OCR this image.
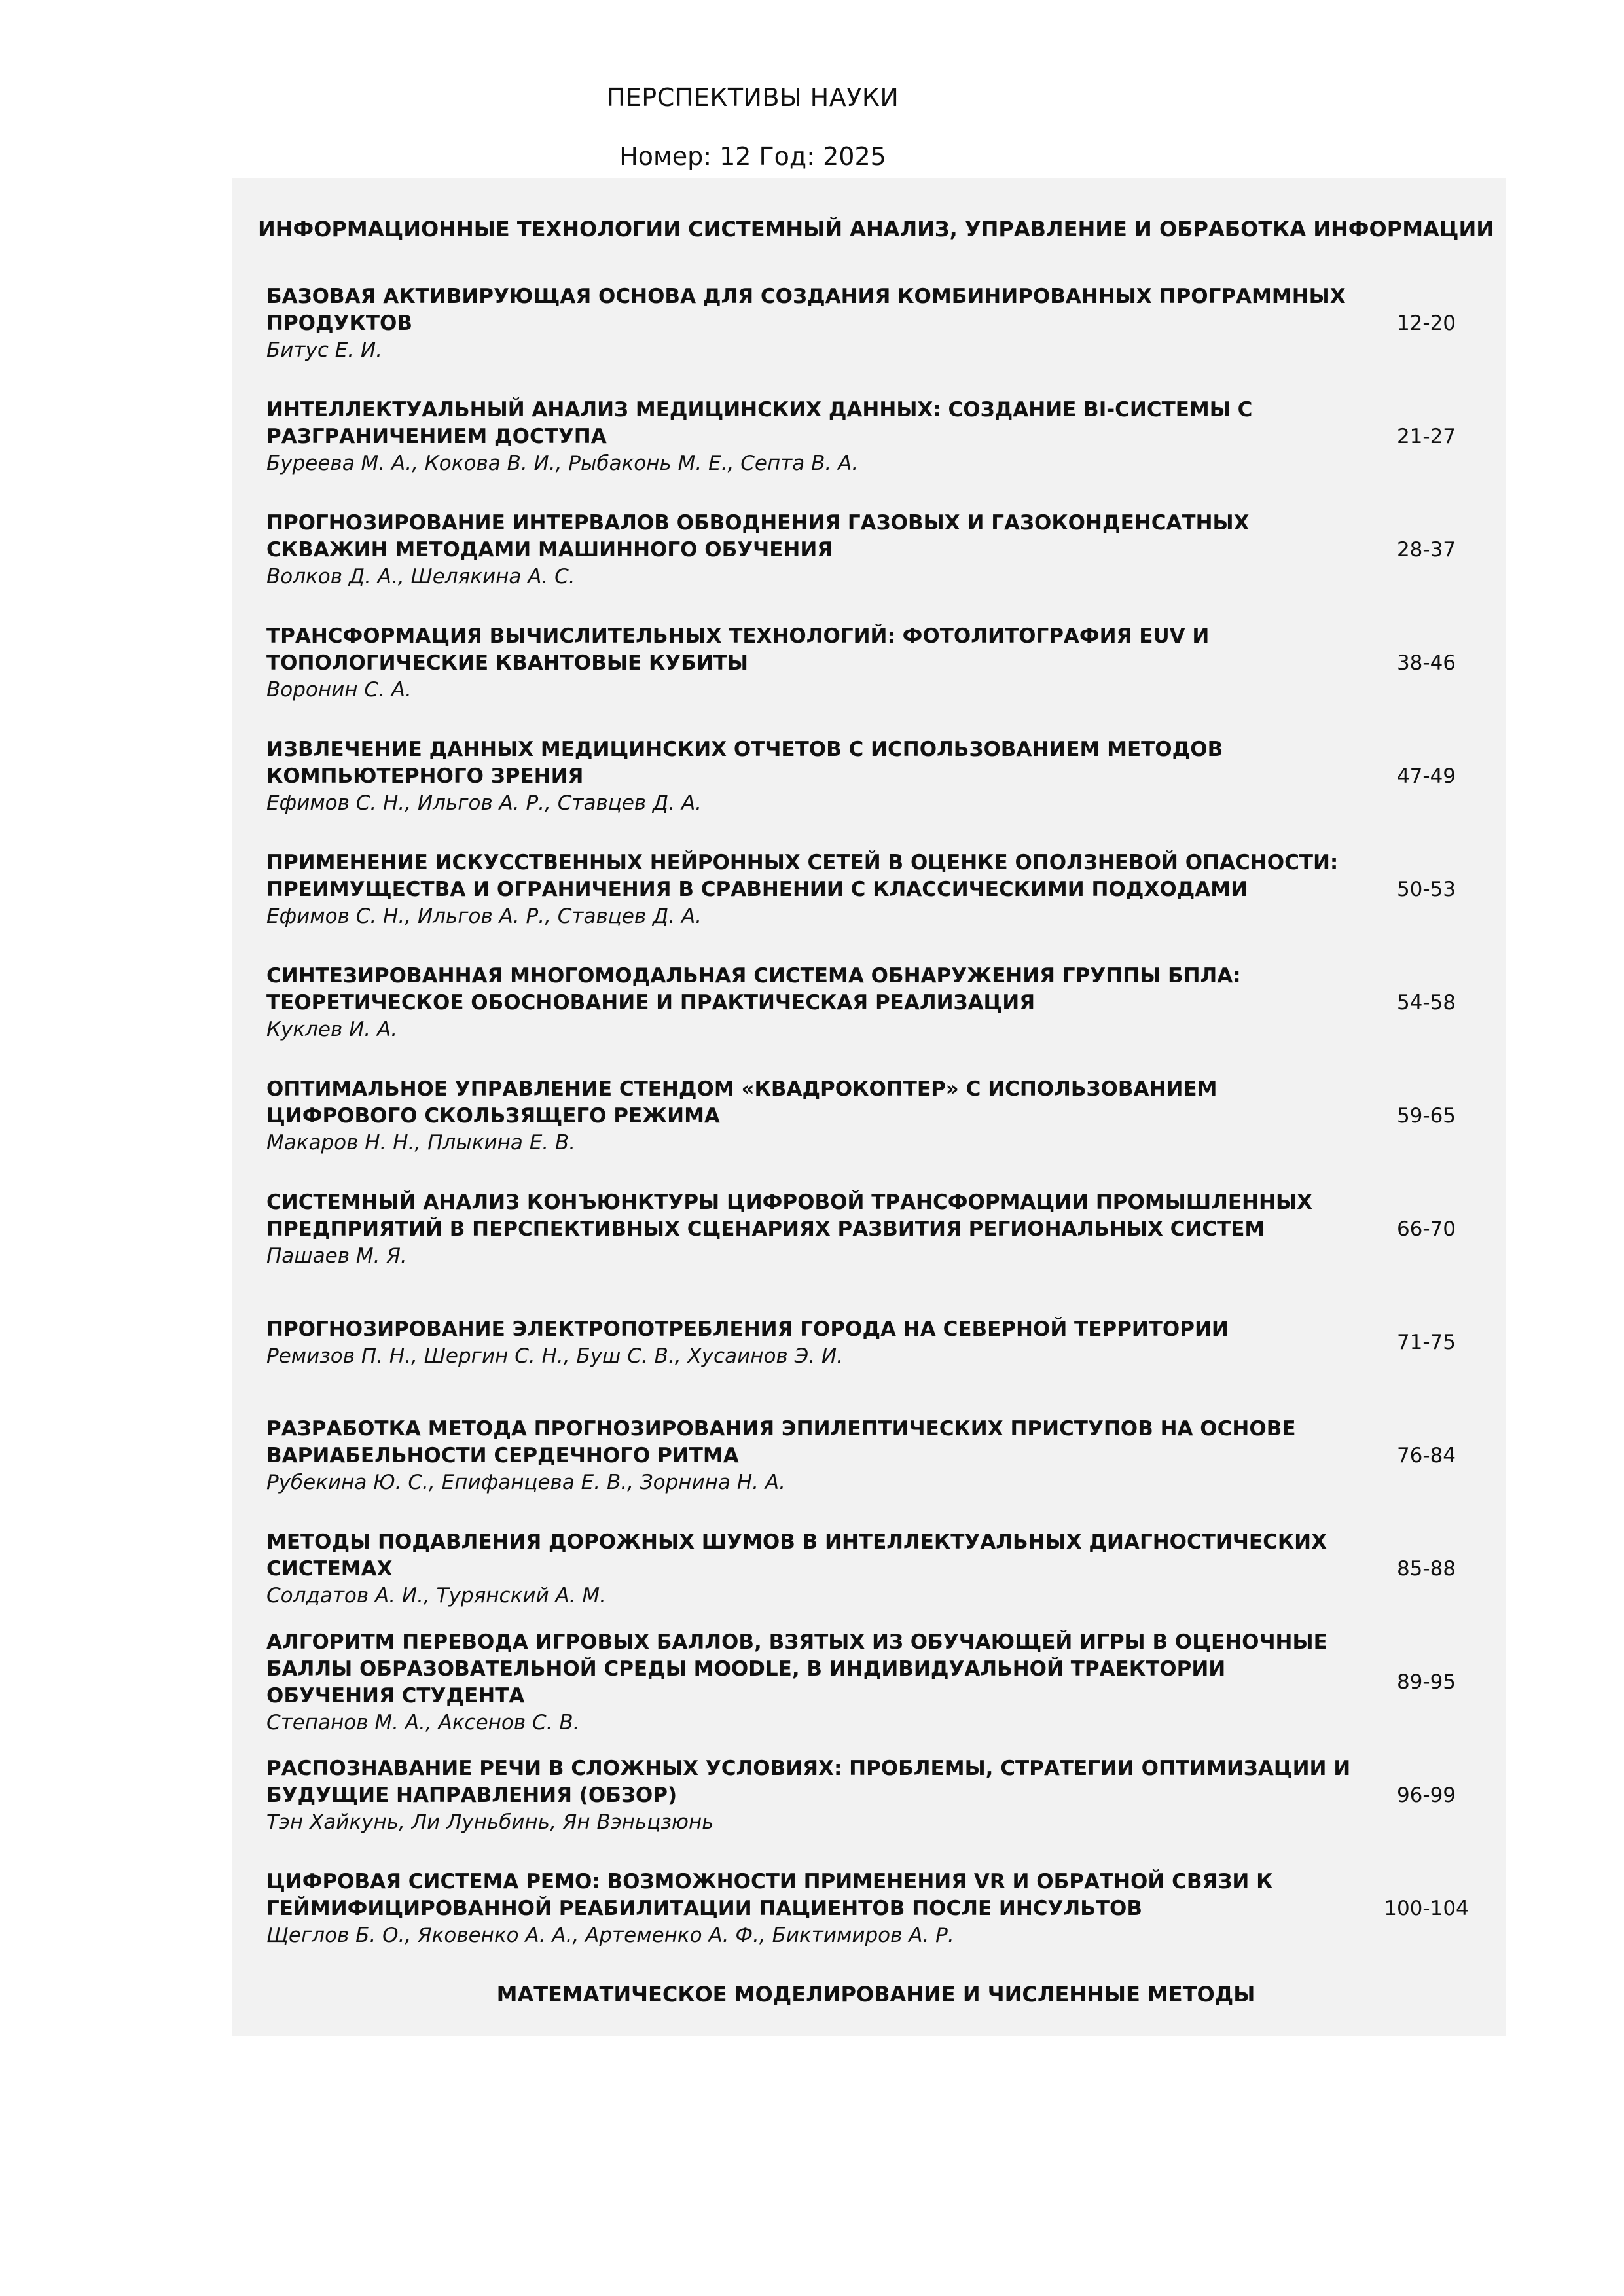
ПЕРСПЕКТИВЫ НАУКИ
Номер: 12 Год: 2025
ИНФОРМАЦИОННЫЕ ТЕХНОЛОГИИ СИСТЕМНЫЙ АНАЛИЗ, УПРАВЛЕНИЕ И ОБРАБОТКА ИНФОРМАЦИИ

БАЗОВАЯ АКТИВИРУЮЩАЯ ОСНОВА ДЛЯ СОЗДАНИЯ КОМБИНИРОВАННЫХ ПРОГРАММНЫХ ПРОДУКТОВ

Битус Е. И.

12-20

ИНТЕЛЛЕКТУАЛЬНЫЙ АНАЛИЗ МЕДИЦИНСКИХ ДАННЫХ: СОЗДАНИЕ BI-СИСТЕМЫ С РАЗГРАНИЧЕНИЕМ ДОСТУПА

Буреева М. А., Кокова В. И., Рыбаконь М. Е., Септа В. А.

21-27

ПРОГНОЗИРОВАНИЕ ИНТЕРВАЛОВ ОБВОДНЕНИЯ ГАЗОВЫХ И ГАЗОКОНДЕНСАТНЫХ СКВАЖИН МЕТОДАМИ МАШИННОГО ОБУЧЕНИЯ

Волков Д. А., Шелякина А. С.

28-37

ТРАНСФОРМАЦИЯ ВЫЧИСЛИТЕЛЬНЫХ ТЕХНОЛОГИЙ: ФОТОЛИТОГРАФИЯ EUV И ТОПОЛОГИЧЕСКИЕ КВАНТОВЫЕ КУБИТЫ

Воронин С. А.

38-46

ИЗВЛЕЧЕНИЕ ДАННЫХ МЕДИЦИНСКИХ ОТЧЕТОВ С ИСПОЛЬЗОВАНИЕМ МЕТОДОВ КОМПЬЮТЕРНОГО ЗРЕНИЯ

Ефимов С. Н., Ильгов А. Р., Ставцев Д. А.

47-49

ПРИМЕНЕНИЕ ИСКУССТВЕННЫХ НЕЙРОННЫХ СЕТЕЙ В ОЦЕНКЕ ОПОЛЗНЕВОЙ ОПАСНОСТИ: ПРЕИМУЩЕСТВА И ОГРАНИЧЕНИЯ В СРАВНЕНИИ С КЛАССИЧЕСКИМИ ПОДХОДАМИ

Ефимов С. Н., Ильгов А. Р., Ставцев Д. А.

50-53

СИНТЕЗИРОВАННАЯ МНОГОМОДАЛЬНАЯ СИСТЕМА ОБНАРУЖЕНИЯ ГРУППЫ БПЛА: ТЕОРЕТИЧЕСКОЕ ОБОСНОВАНИЕ И ПРАКТИЧЕСКАЯ РЕАЛИЗАЦИЯ

Куклев И. А.

54-58

ОПТИМАЛЬНОЕ УПРАВЛЕНИЕ СТЕНДОМ «КВАДРОКОПТЕР» С ИСПОЛЬЗОВАНИЕМ ЦИФРОВОГО СКОЛЬЗЯЩЕГО РЕЖИМА

Макаров Н. Н., Плыкина Е. В.

59-65

СИСТЕМНЫЙ АНАЛИЗ КОНЪЮНКТУРЫ ЦИФРОВОЙ ТРАНСФОРМАЦИИ ПРОМЫШЛЕННЫХ ПРЕДПРИЯТИЙ В ПЕРСПЕКТИВНЫХ СЦЕНАРИЯХ РАЗВИТИЯ РЕГИОНАЛЬНЫХ СИСТЕМ

Пашаев М. Я.

66-70

ПРОГНОЗИРОВАНИЕ ЭЛЕКТРОПОТРЕБЛЕНИЯ ГОРОДА НА СЕВЕРНОЙ ТЕРРИТОРИИ

Ремизов П. Н., Шергин С. Н., Буш С. В., Хусаинов Э. И.

71-75

РАЗРАБОТКА МЕТОДА ПРОГНОЗИРОВАНИЯ ЭПИЛЕПТИЧЕСКИХ ПРИСТУПОВ НА ОСНОВЕ ВАРИАБЕЛЬНОСТИ СЕРДЕЧНОГО РИТМА

Рубекина Ю. С., Епифанцева Е. В., Зорнина Н. А.

76-84

МЕТОДЫ ПОДАВЛЕНИЯ ДОРОЖНЫХ ШУМОВ В ИНТЕЛЛЕКТУАЛЬНЫХ ДИАГНОСТИЧЕСКИХ СИСТЕМАХ

Солдатов А. И., Турянский А. М.

85-88

АЛГОРИТМ ПЕРЕВОДА ИГРОВЫХ БАЛЛОВ, ВЗЯТЫХ ИЗ ОБУЧАЮЩЕЙ ИГРЫ В ОЦЕНОЧНЫЕ БАЛЛЫ ОБРАЗОВАТЕЛЬНОЙ СРЕДЫ MOODLE, В ИНДИВИДУАЛЬНОЙ ТРАЕКТОРИИ ОБУЧЕНИЯ СТУДЕНТА

Степанов М. А., Аксенов С. В.

89-95

РАСПОЗНАВАНИЕ РЕЧИ В СЛОЖНЫХ УСЛОВИЯХ: ПРОБЛЕМЫ, СТРАТЕГИИ ОПТИМИЗАЦИИ И БУДУЩИЕ НАПРАВЛЕНИЯ (ОБЗОР)

Тэн Хайкунь, Ли Луньбинь, Ян Вэньцзюнь

96-99

ЦИФРОВАЯ СИСТЕМА РЕМО: ВОЗМОЖНОСТИ ПРИМЕНЕНИЯ VR И ОБРАТНОЙ СВЯЗИ К ГЕЙМИФИЦИРОВАННОЙ РЕАБИЛИТАЦИИ ПАЦИЕНТОВ ПОСЛЕ ИНСУЛЬТОВ

Щеглов Б. О., Яковенко А. А., Артеменко А. Ф., Биктимиров А. Р.

100-104
МАТЕМАТИЧЕСКОЕ МОДЕЛИРОВАНИЕ И ЧИСЛЕННЫЕ МЕТОДЫ
